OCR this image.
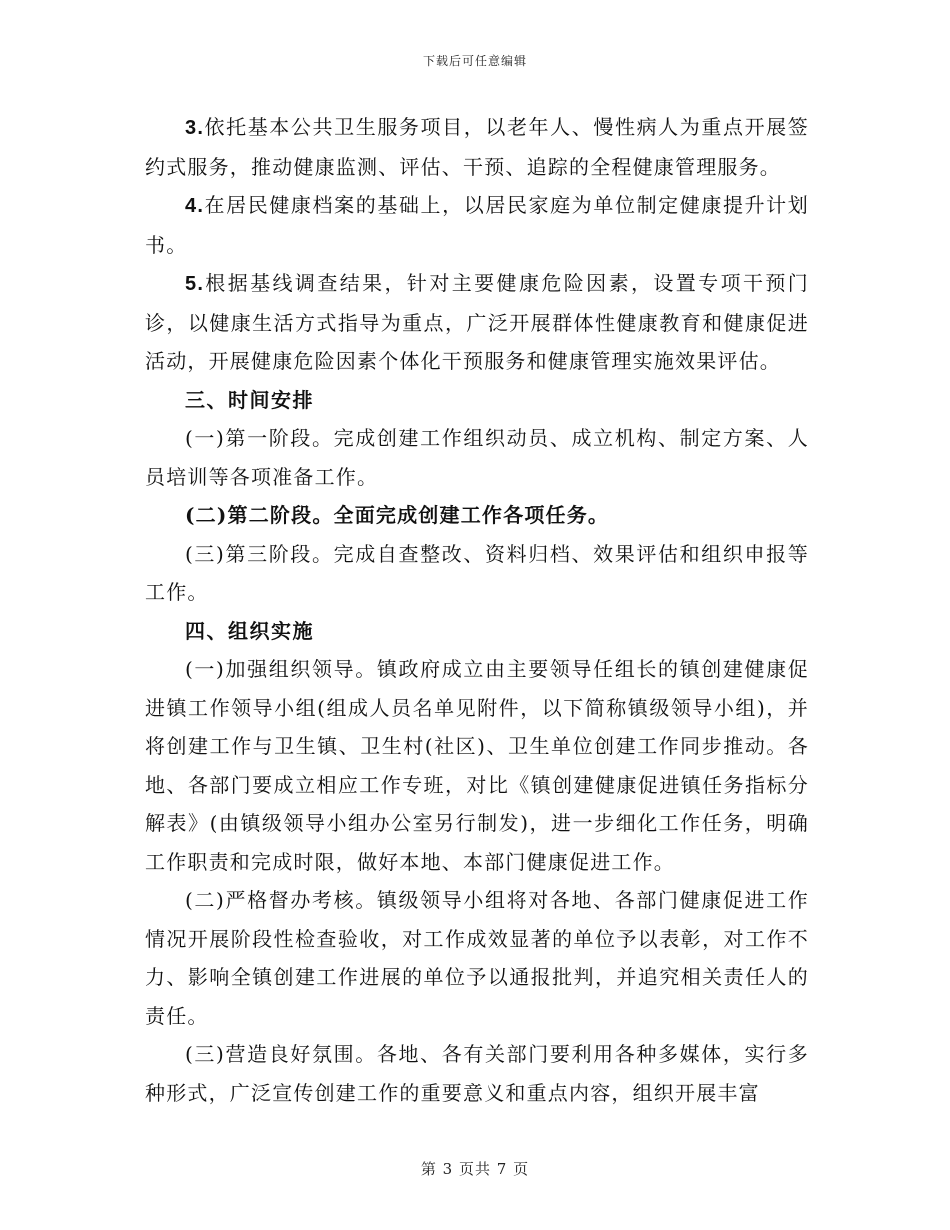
下载后可任意编辑

3.依托基本公共卫生服务项目，以老年人、慢性病人为重点开展签约式服务，推动健康监测、评估、干预、追踪的全程健康管理服务。

4.在居民健康档案的基础上，以居民家庭为单位制定健康提升计划书。

5.根据基线调查结果，针对主要健康危险因素，设置专项干预门诊，以健康生活方式指导为重点，广泛开展群体性健康教育和健康促进活动，开展健康危险因素个体化干预服务和健康管理实施效果评估。

三、时间安排

(一)第一阶段。完成创建工作组织动员、成立机构、制定方案、人员培训等各项准备工作。

(二)第二阶段。全面完成创建工作各项任务。

(三)第三阶段。完成自查整改、资料归档、效果评估和组织申报等工作。

四、组织实施

(一)加强组织领导。镇政府成立由主要领导任组长的镇创建健康促进镇工作领导小组(组成人员名单见附件，以下简称镇级领导小组)，并将创建工作与卫生镇、卫生村(社区)、卫生单位创建工作同步推动。各地、各部门要成立相应工作专班，对比《镇创建健康促进镇任务指标分解表》(由镇级领导小组办公室另行制发)，进一步细化工作任务，明确工作职责和完成时限，做好本地、本部门健康促进工作。

(二)严格督办考核。镇级领导小组将对各地、各部门健康促进工作情况开展阶段性检查验收，对工作成效显著的单位予以表彰，对工作不力、影响全镇创建工作进展的单位予以通报批判，并追究相关责任人的责任。

(三)营造良好氛围。各地、各有关部门要利用各种多媒体，实行多种形式，广泛宣传创建工作的重要意义和重点内容，组织开展丰富

第 3 页共 7 页
